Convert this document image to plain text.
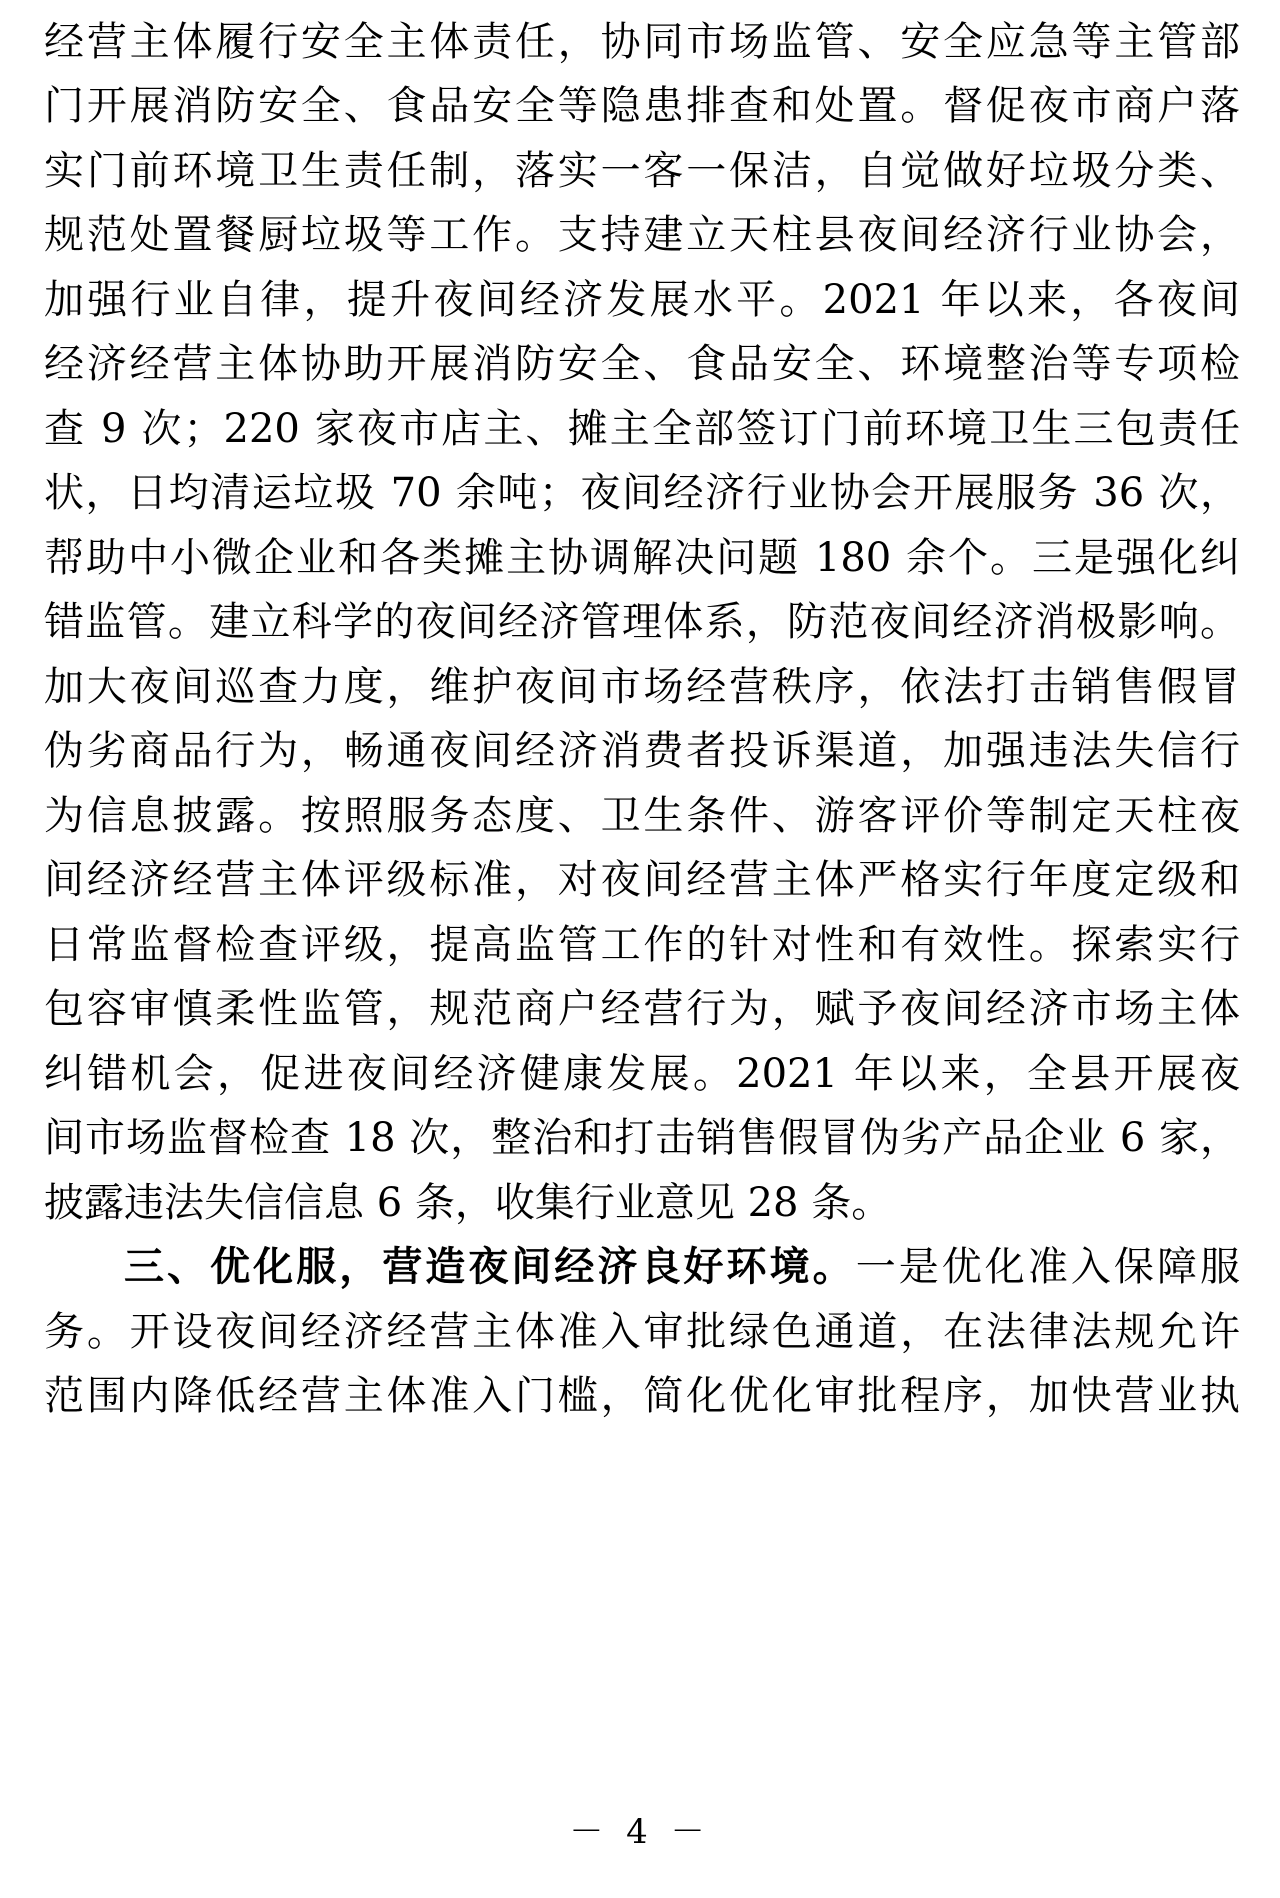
经营主体履行安全主体责任，协同市场监管、安全应急等主管部
门开展消防安全、食品安全等隐患排查和处置。督促夜市商户落
实门前环境卫生责任制，落实一客一保洁，自觉做好垃圾分类、
规范处置餐厨垃圾等工作。支持建立天柱县夜间经济行业协会，
加强行业自律，提升夜间经济发展水平。2021 年以来，各夜间
经济经营主体协助开展消防安全、食品安全、环境整治等专项检
查 9 次；220 家夜市店主、摊主全部签订门前环境卫生三包责任
状，日均清运垃圾 70 余吨；夜间经济行业协会开展服务 36 次，
帮助中小微企业和各类摊主协调解决问题 180 余个。三是强化纠
错监管。建立科学的夜间经济管理体系，防范夜间经济消极影响。
加大夜间巡查力度，维护夜间市场经营秩序，依法打击销售假冒
伪劣商品行为，畅通夜间经济消费者投诉渠道，加强违法失信行
为信息披露。按照服务态度、卫生条件、游客评价等制定天柱夜
间经济经营主体评级标准，对夜间经营主体严格实行年度定级和
日常监督检查评级，提高监管工作的针对性和有效性。探索实行
包容审慎柔性监管，规范商户经营行为，赋予夜间经济市场主体
纠错机会，促进夜间经济健康发展。2021 年以来，全县开展夜
间市场监督检查 18 次，整治和打击销售假冒伪劣产品企业 6 家，
披露违法失信信息 6 条，收集行业意见 28 条。
三、优化服，营造夜间经济良好环境。一是优化准入保障服
务。开设夜间经济经营主体准入审批绿色通道，在法律法规允许
范围内降低经营主体准入门槛，简化优化审批程序，加快营业执
－ 4 －
